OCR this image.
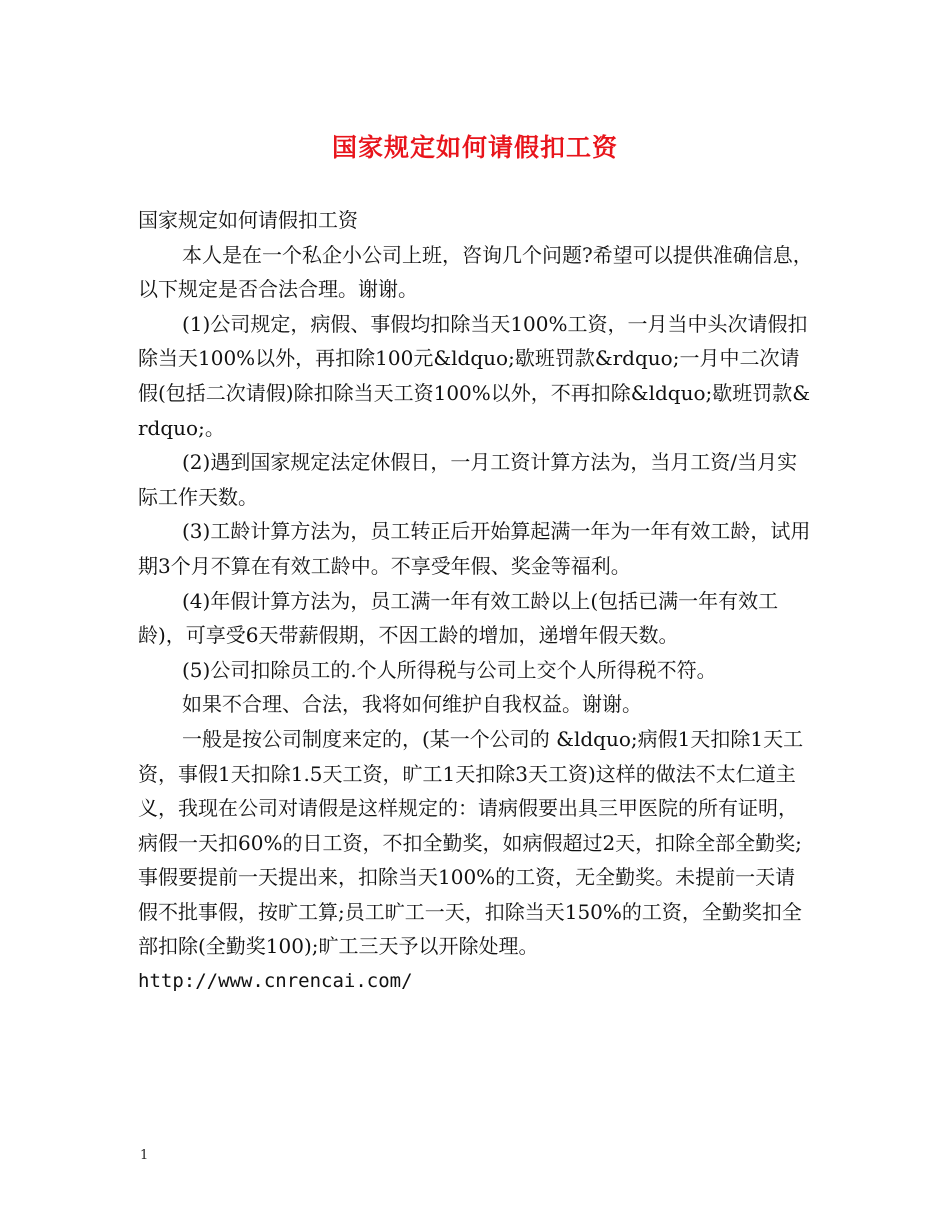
国家规定如何请假扣工资

国家规定如何请假扣工资

本人是在一个私企小公司上班，咨询几个问题?希望可以提供准确信息，以下规定是否合法合理。谢谢。

(1)公司规定，病假、事假均扣除当天100%工资，一月当中头次请假扣除当天100%以外，再扣除100元&ldquo;歇班罚款&rdquo;一月中二次请假(包括二次请假)除扣除当天工资100%以外，不再扣除&ldquo;歇班罚款&rdquo;。

(2)遇到国家规定法定休假日，一月工资计算方法为，当月工资/当月实际工作天数。

(3)工龄计算方法为，员工转正后开始算起满一年为一年有效工龄，试用期3个月不算在有效工龄中。不享受年假、奖金等福利。

(4)年假计算方法为，员工满一年有效工龄以上(包括已满一年有效工龄)，可享受6天带薪假期，不因工龄的增加，递增年假天数。

(5)公司扣除员工的.个人所得税与公司上交个人所得税不符。

如果不合理、合法，我将如何维护自我权益。谢谢。

一般是按公司制度来定的，(某一个公司的 &ldquo;病假1天扣除1天工资，事假1天扣除1.5天工资，旷工1天扣除3天工资)这样的做法不太仁道主义，我现在公司对请假是这样规定的：请病假要出具三甲医院的所有证明，病假一天扣60%的日工资，不扣全勤奖，如病假超过2天，扣除全部全勤奖;事假要提前一天提出来，扣除当天100%的工资，无全勤奖。未提前一天请假不批事假，按旷工算;员工旷工一天，扣除当天150%的工资，全勤奖扣全部扣除(全勤奖100);旷工三天予以开除处理。

http://www.cnrencai.com/

1
